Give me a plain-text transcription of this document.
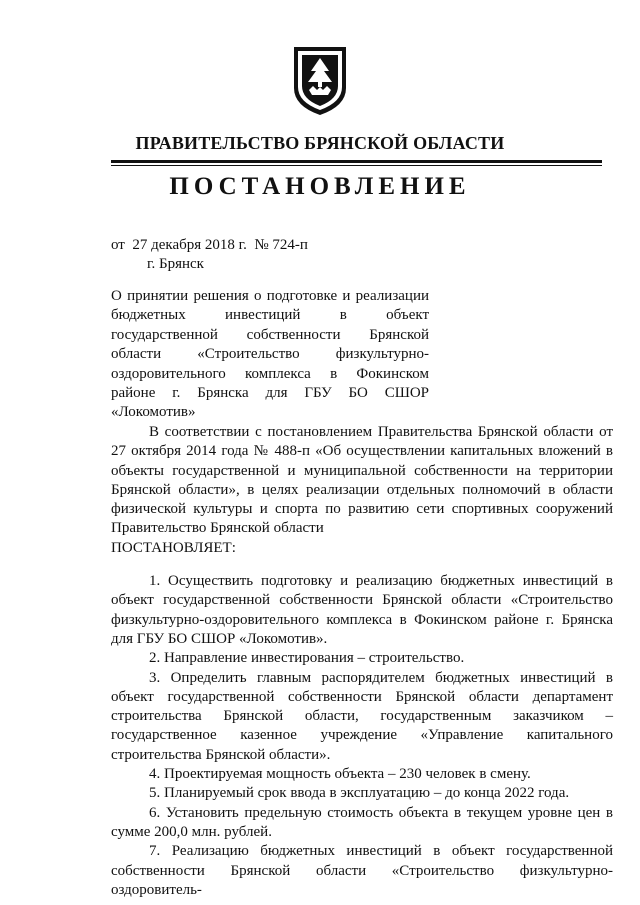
ПРАВИТЕЛЬСТВО БРЯНСКОЙ ОБЛАСТИ
ПОСТАНОВЛЕНИЕ
от  27 декабря 2018 г.  № 724-п
г. Брянск
О принятии решения о подготовке и реализации бюджетных инвестиций в объект государственной собственности Брянской области «Строительство физкультурно-оздоровительного комплекса в Фокинском районе г. Брянска для ГБУ БО СШОР «Локомотив»

В соответствии с постановлением Правительства Брянской области от 27 октября 2014 года № 488-п «Об осуществлении капитальных вложений в объекты государственной и муниципальной собственности на территории Брянской области», в целях реализации отдельных полномочий в области физической культуры и спорта по развитию сети спортивных сооружений Правительство Брянской области

ПОСТАНОВЛЯЕТ:

1. Осуществить подготовку и реализацию бюджетных инвестиций в объект государственной собственности Брянской области «Строительство физкультурно-оздоровительного комплекса в Фокинском районе г. Брянска для ГБУ БО СШОР «Локомотив».

2. Направление инвестирования – строительство.

3. Определить главным распорядителем бюджетных инвестиций в объект государственной собственности Брянской области департамент строительства Брянской области, государственным заказчиком – государственное казенное учреждение «Управление капитального строительства Брянской области».

4. Проектируемая мощность объекта – 230 человек в смену.

5. Планируемый срок ввода в эксплуатацию – до конца 2022 года.

6. Установить предельную стоимость объекта в текущем уровне цен в сумме 200,0 млн. рублей.

7. Реализацию бюджетных инвестиций в объект государственной собственности Брянской области «Строительство физкультурно-оздоровитель-
